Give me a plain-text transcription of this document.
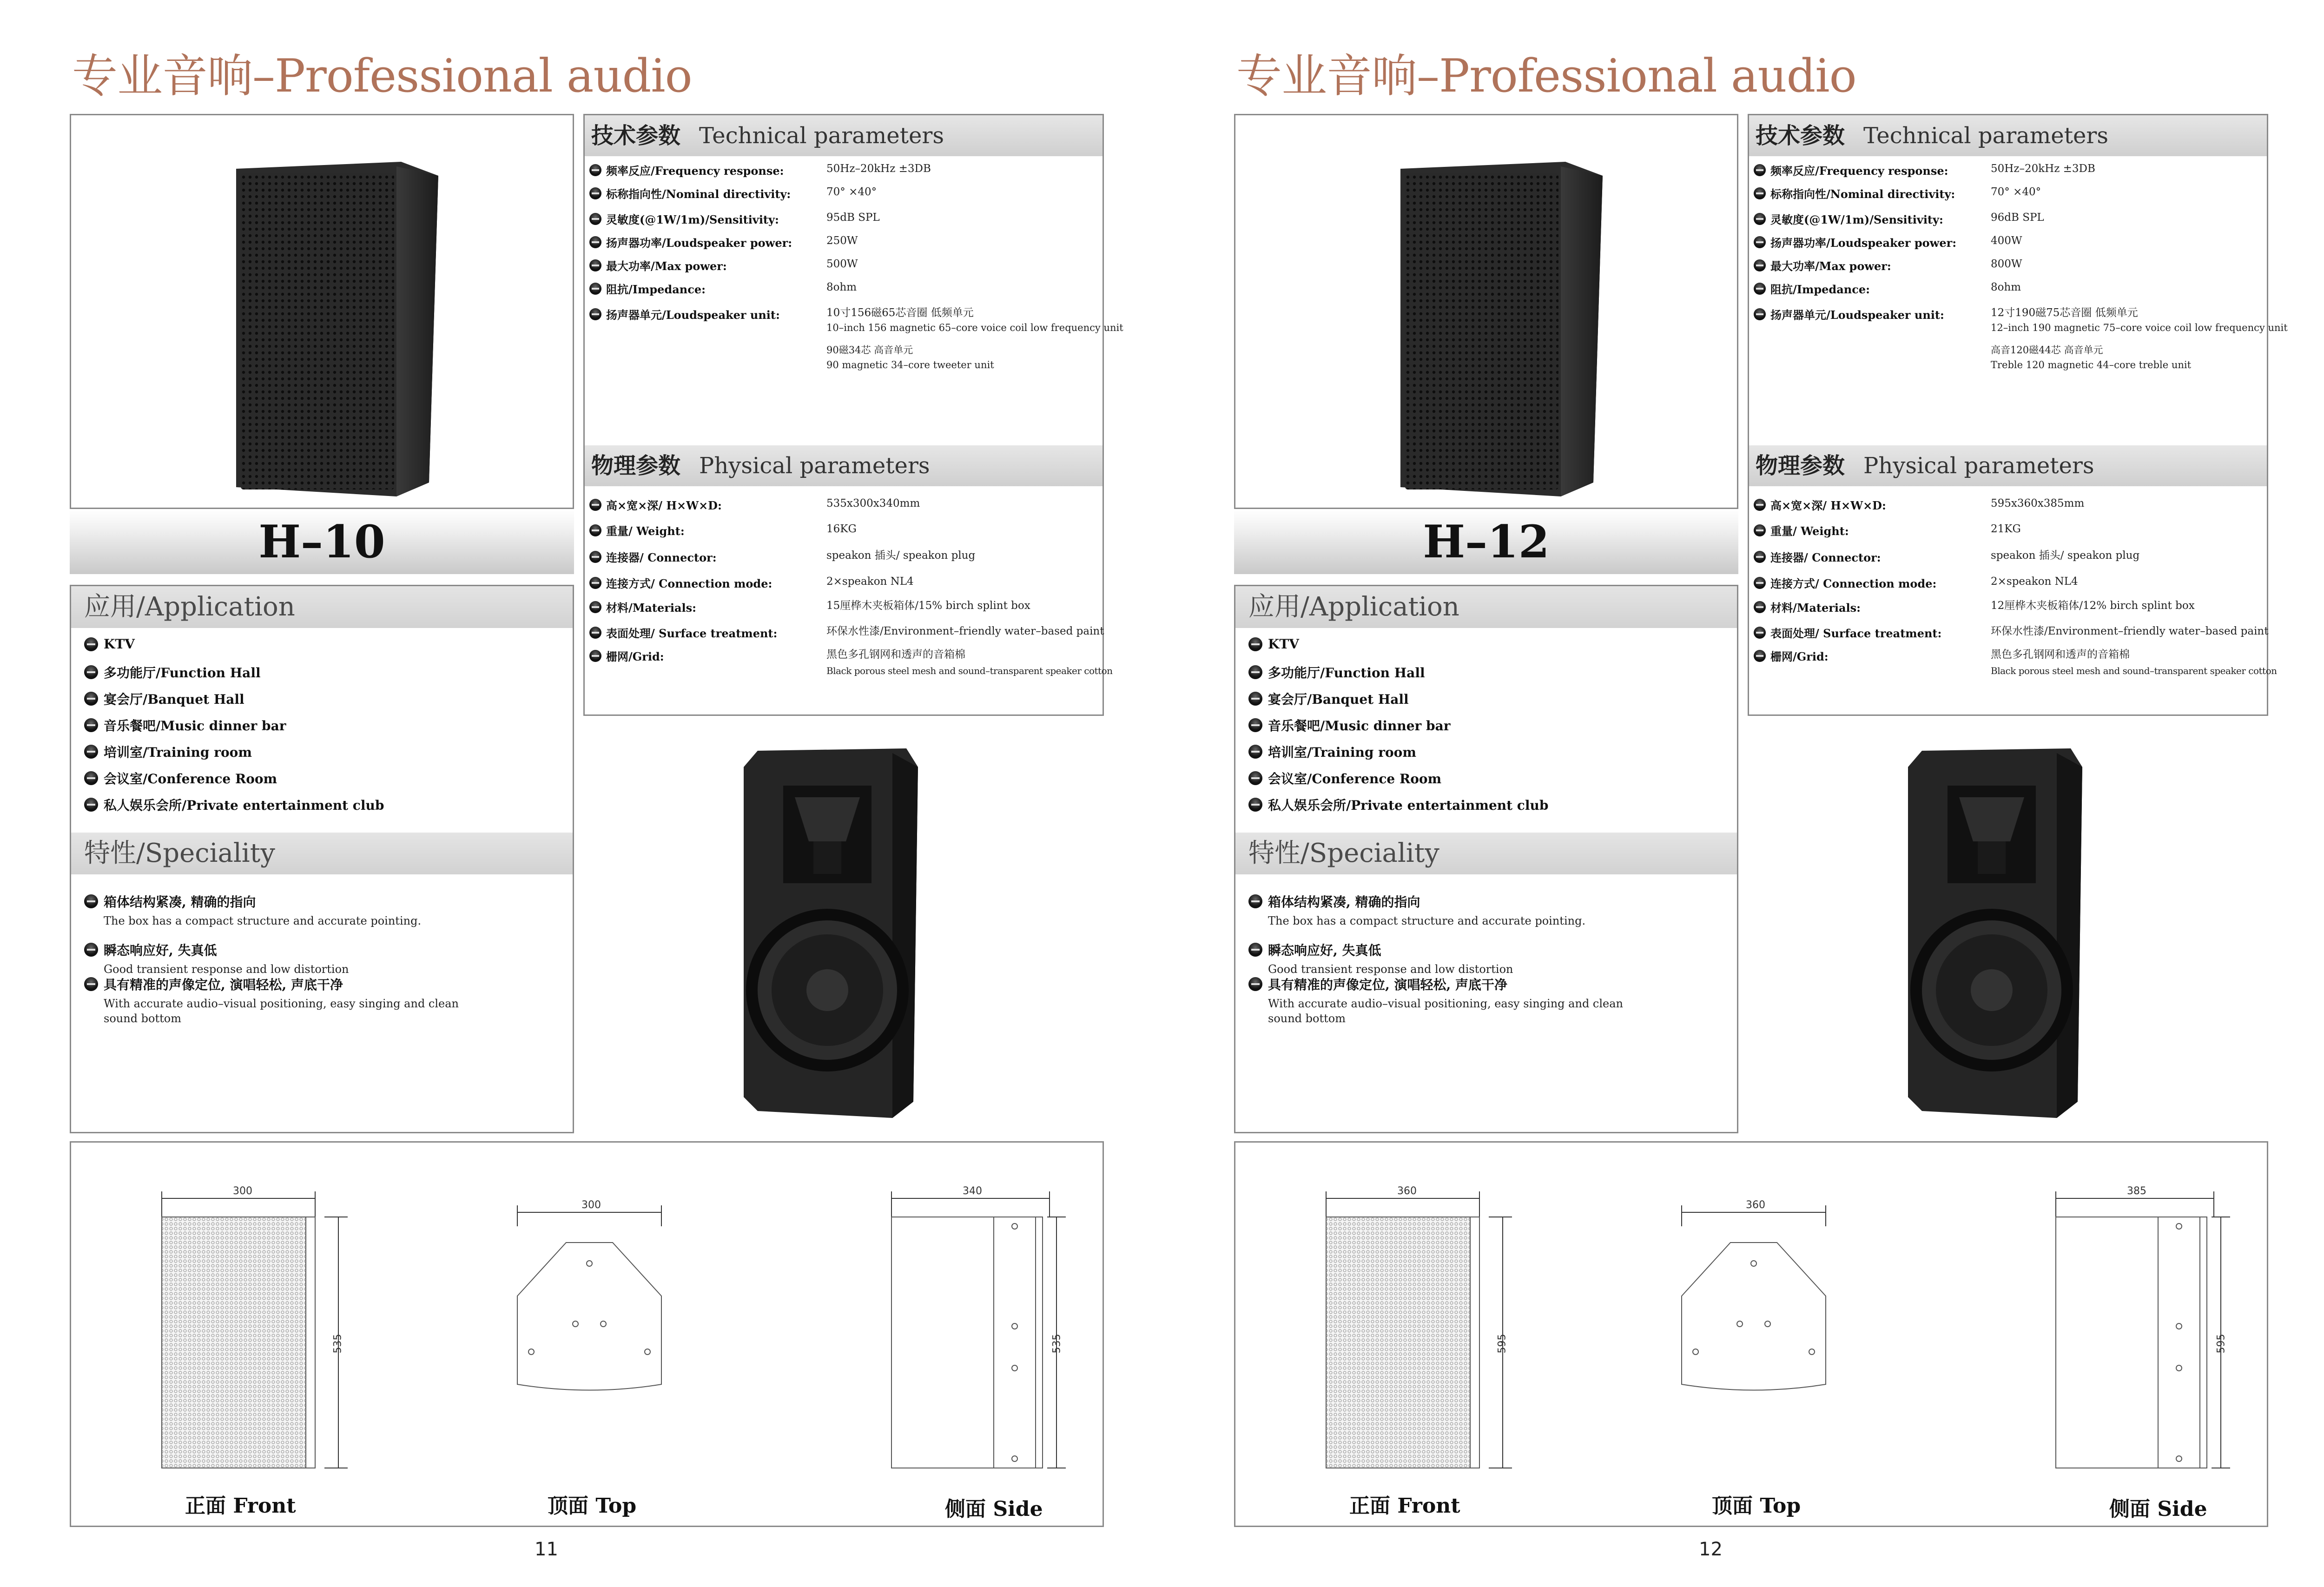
专业音响–Professional audio
H–10
应用/Application
KTV
多功能厅/Function Hall
宴会厅/Banquet Hall
音乐餐吧/Music dinner bar
培训室/Training room
会议室/Conference Room
私人娱乐会所/Private entertainment club
特性/Speciality
箱体结构紧凑, 精确的指向
The box has a compact structure and accurate pointing.
瞬态响应好, 失真低
Good transient response and low distortion
具有精准的声像定位, 演唱轻松, 声底干净
With accurate audio–visual positioning, easy singing and clean
sound bottom
技术参数 Technical parameters
频率反应/Frequency response:	50Hz–20kHz ±3DB
标称指向性/Nominal directivity:	70° ×40°
灵敏度(@1W/1m)/Sensitivity:	95dB SPL
扬声器功率/Loudspeaker power:	250W
最大功率/Max power:	500W
阻抗/Impedance:	8ohm
扬声器单元/Loudspeaker unit:	10寸156磁65芯音圈 低频单元
10–inch 156 magnetic 65–core voice coil low frequency unit
90磁34芯 高音单元
90 magnetic 34–core tweeter unit
物理参数 Physical parameters
高×宽×深/ H×W×D:	535x300x340mm
重量/ Weight:	16KG
连接器/ Connector:	speakon 插头/ speakon plug
连接方式/ Connection mode:	2×speakon NL4
材料/Materials:	15厘桦木夹板箱体/15% birch splint box
表面处理/ Surface treatment:	环保水性漆/Environment–friendly water–based paint
栅网/Grid:	黑色多孔钢网和透声的音箱棉
Black porous steel mesh and sound–transparent speaker cotton
300
535
300
340
535
正面 Front	顶面 Top	侧面 Side
11
专业音响–Professional audio
H–12
应用/Application
KTV
多功能厅/Function Hall
宴会厅/Banquet Hall
音乐餐吧/Music dinner bar
培训室/Training room
会议室/Conference Room
私人娱乐会所/Private entertainment club
特性/Speciality
箱体结构紧凑, 精确的指向
The box has a compact structure and accurate pointing.
瞬态响应好, 失真低
Good transient response and low distortion
具有精准的声像定位, 演唱轻松, 声底干净
With accurate audio–visual positioning, easy singing and clean
sound bottom
技术参数 Technical parameters
频率反应/Frequency response:	50Hz–20kHz ±3DB
标称指向性/Nominal directivity:	70° ×40°
灵敏度(@1W/1m)/Sensitivity:	96dB SPL
扬声器功率/Loudspeaker power:	400W
最大功率/Max power:	800W
阻抗/Impedance:	8ohm
扬声器单元/Loudspeaker unit:	12寸190磁75芯音圈 低频单元
12–inch 190 magnetic 75–core voice coil low frequency unit
高音120磁44芯 高音单元
Treble 120 magnetic 44–core treble unit
物理参数 Physical parameters
高×宽×深/ H×W×D:	595x360x385mm
重量/ Weight:	21KG
连接器/ Connector:	speakon 插头/ speakon plug
连接方式/ Connection mode:	2×speakon NL4
材料/Materials:	12厘桦木夹板箱体/12% birch splint box
表面处理/ Surface treatment:	环保水性漆/Environment–friendly water–based paint
栅网/Grid:	黑色多孔钢网和透声的音箱棉
Black porous steel mesh and sound–transparent speaker cotton
360
595
360
385
595
正面 Front	顶面 Top	侧面 Side
12
